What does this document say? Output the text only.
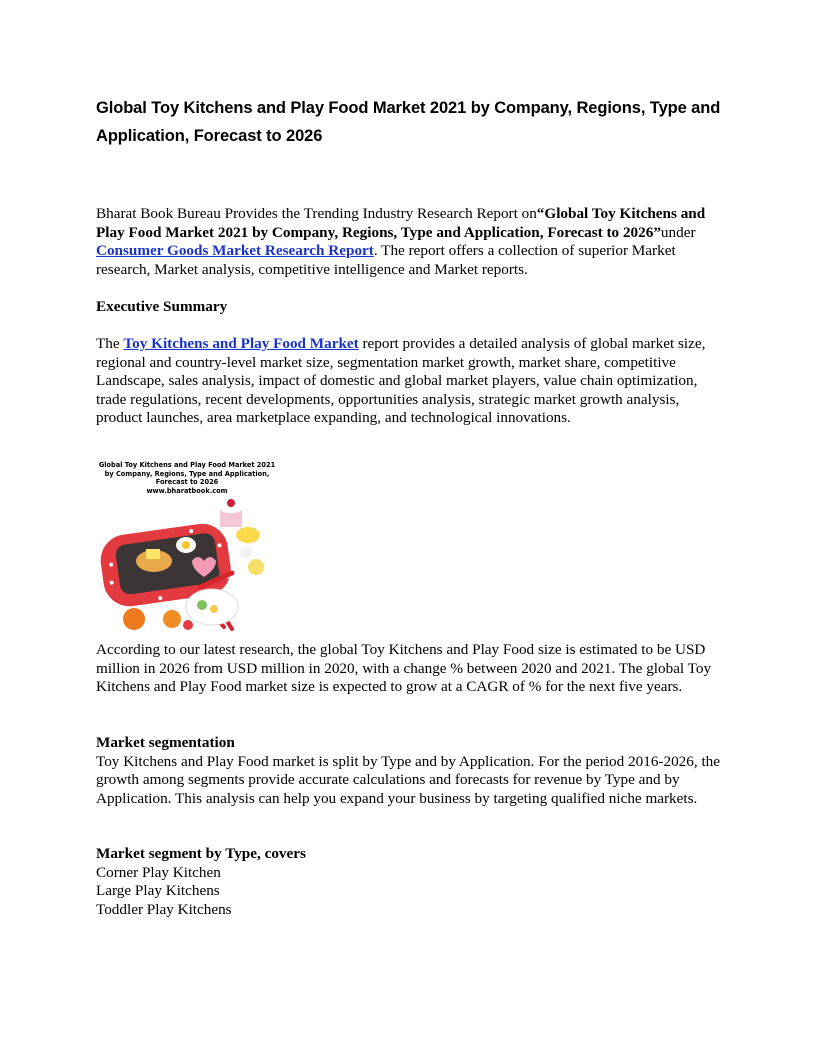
Global Toy Kitchens and Play Food Market 2021 by Company, Regions, Type and Application, Forecast to 2026

Bharat Book Bureau Provides the Trending Industry Research Report on“Global Toy Kitchens and Play Food Market 2021 by Company, Regions, Type and Application, Forecast to 2026”under Consumer Goods Market Research Report. The report offers a collection of superior Market research, Market analysis, competitive intelligence and Market reports.

Executive Summary

The Toy Kitchens and Play Food Market report provides a detailed analysis of global market size, regional and country-level market size, segmentation market growth, market share, competitive Landscape, sales analysis, impact of domestic and global market players, value chain optimization, trade regulations, recent developments, opportunities analysis, strategic market growth analysis, product launches, area marketplace expanding, and technological innovations.

Global Toy Kitchens and Play Food Market 2021 by Company, Regions, Type and Application, Forecast to 2026
www.bharatbook.com

According to our latest research, the global Toy Kitchens and Play Food size is estimated to be USD million in 2026 from USD million in 2020, with a change % between 2020 and 2021. The global Toy Kitchens and Play Food market size is expected to grow at a CAGR of % for the next five years.

Market segmentation
Toy Kitchens and Play Food market is split by Type and by Application. For the period 2016-2026, the growth among segments provide accurate calculations and forecasts for revenue by Type and by Application. This analysis can help you expand your business by targeting qualified niche markets.

Market segment by Type, covers
Corner Play Kitchen
Large Play Kitchens
Toddler Play Kitchens
